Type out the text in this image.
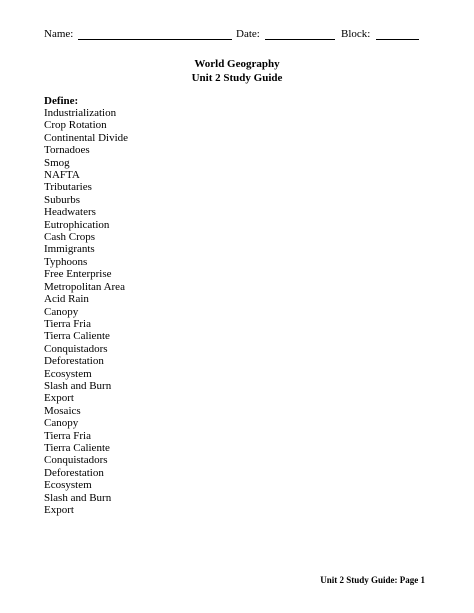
Name:	Date:	Block:
World Geography
Unit 2 Study Guide
Define:
Industrialization
Crop Rotation
Continental Divide
Tornadoes
Smog
NAFTA
Tributaries
Suburbs
Headwaters
Eutrophication
Cash Crops
Immigrants
Typhoons
Free Enterprise
Metropolitan Area
Acid Rain
Canopy
Tierra Fria
Tierra Caliente
Conquistadors
Deforestation
Ecosystem
Slash and Burn
Export
Mosaics
Canopy
Tierra Fria
Tierra Caliente
Conquistadors
Deforestation
Ecosystem
Slash and Burn
Export
Unit 2 Study Guide: Page 1
